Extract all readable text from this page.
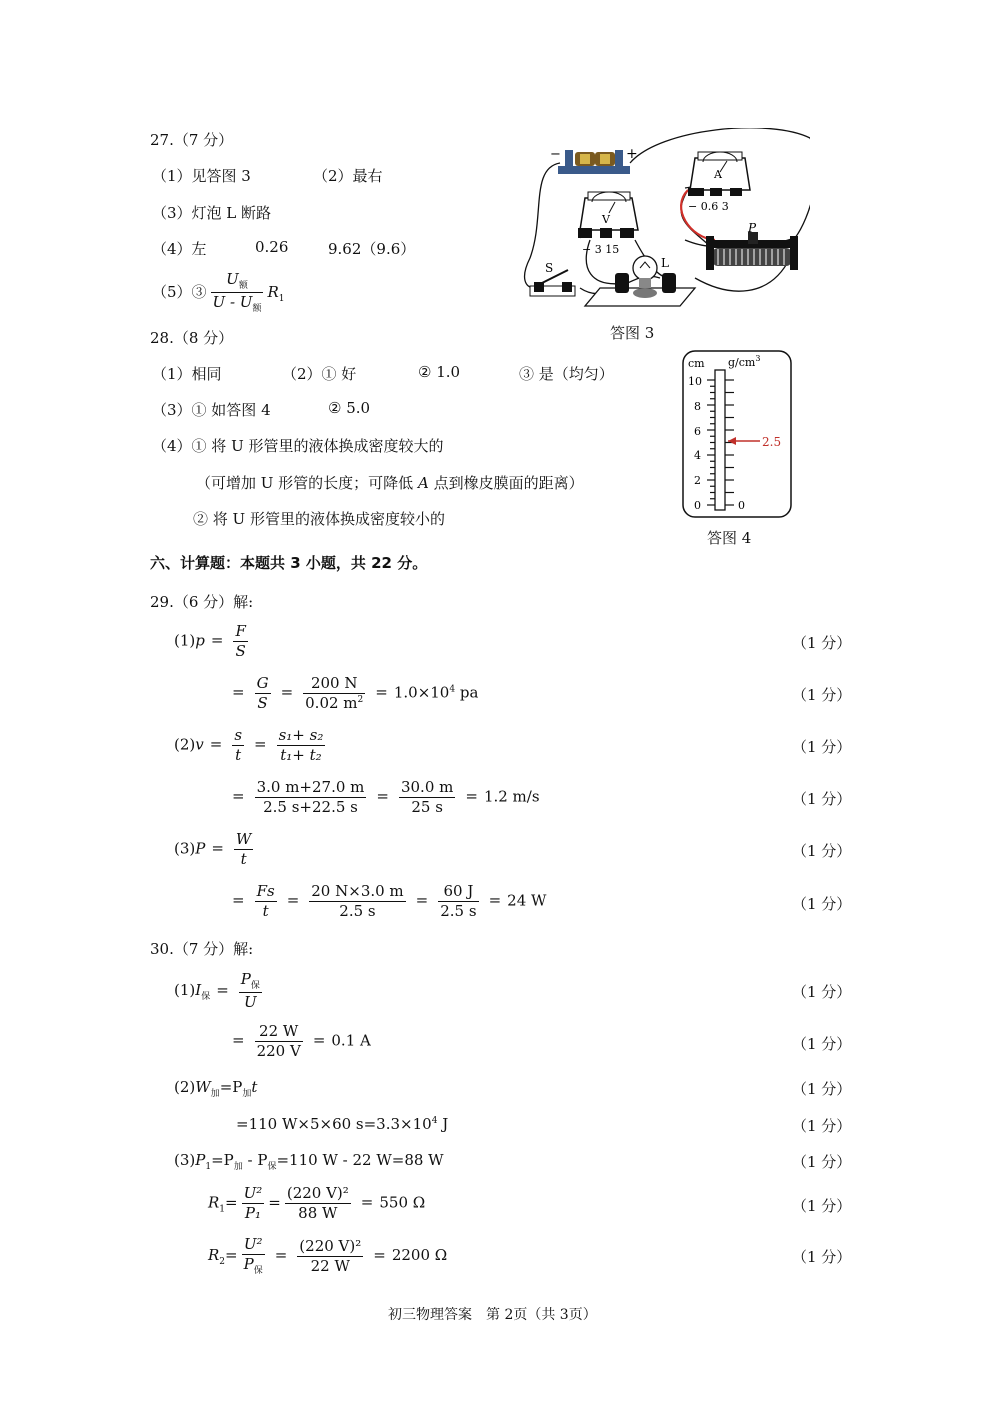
27.（7 分）
（1）见答图 3	（2）最右
（3）灯泡 L 断路
（4）左	0.26	9.62（9.6）
（5）③ $\frac{U_额}{U - U_额} R_1$
−	+
A
− 0.6 3
V
− 3 15
S	L
P
答图 3
28.（8 分）
（1）相同	（2）① 好	② 1.0	③ 是（均匀）
（3）① 如答图 4	② 5.0
（4）① 将 U 形管里的液体换成密度较大的
（可增加 U 形管的长度；可降低 A 点到橡皮膜面的距离）
② 将 U 形管里的液体换成密度较小的
cm $g/cm^3$
10
8
6
4
2
0	0
2.5
答图 4
六、计算题：本题共 3 小题，共 22 分。
29.（6 分）解:
$(1)p = \frac{F}{S}$	（1 分）
= $\frac{G}{S} = \frac{200 N}{0.02 m^2} = 1.0\times 10^4$ pa	（1 分）
$(2)v = \frac{s}{t} = \frac{\text{s₁+ s₂}}{\text{t₁+ t₂}}$	（1 分）
= $\frac{3.0 m+27.0 m}{2.5 s+22.5 s} = \frac{30.0 m}{25 s} = 1.2$ m/s	（1 分）
$(3)P = \frac{W}{t}$	（1 分）
= $\frac{Fs}{t} = \frac{20 N\times 3.0 m}{2.5 s} = \frac{60 J}{2.5 s} = 24$ W	（1 分）
30.（7 分）解:
$(1)I_保 = \frac{P_保}{U}$	（1 分）
= $\frac{22 W}{220 V} = 0.1$ A	（1 分）
$(2)W_加=P_加t$	（1 分）
=110 W×5×60 $s=3.3\times 10^4$ J	（1 分）
$(3)P_1=P_加 - P_保=110$ W - 22 W=88 W	（1 分）
$R_1= \frac{\text{U²}}{\text{P₁}} = \frac{\text{(220 V)²}}{88 W} = 550$ Ω	（1 分）
$R_2= \frac{\text{U²}}{P_保} = \frac{\text{(220 V)²}}{22 W} = 2200$ Ω	（1 分）
初三物理答案　第 2页（共 3页）
